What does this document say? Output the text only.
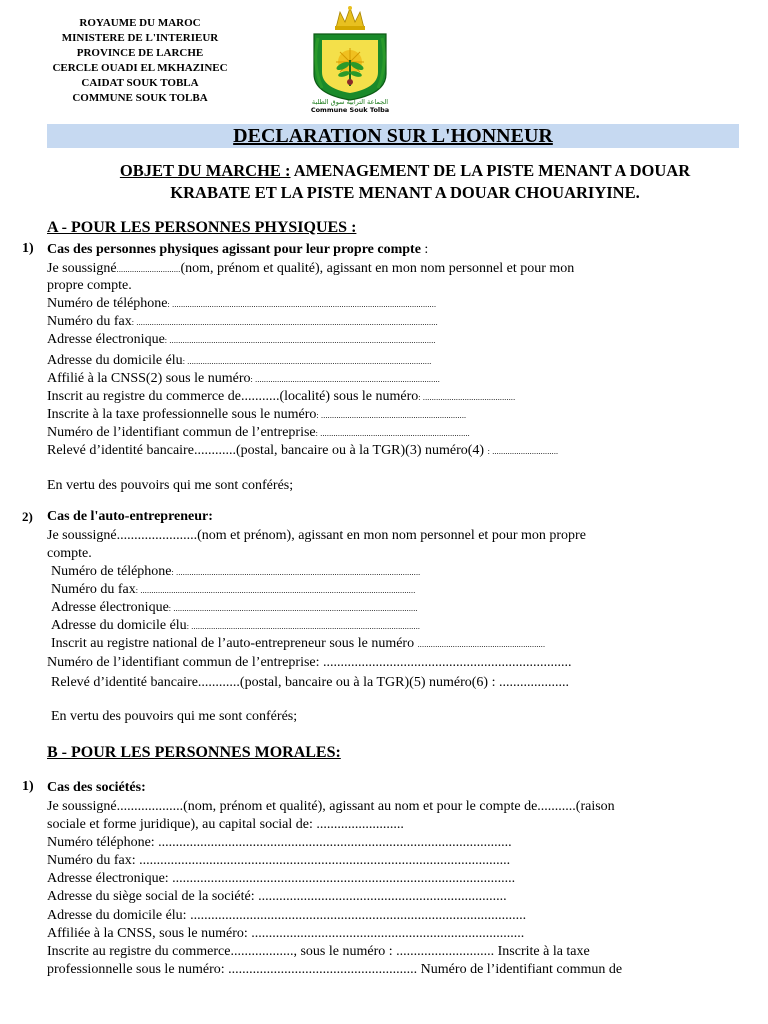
ROYAUME DU MAROC
MINISTERE DE L'INTERIEUR
PROVINCE DE LARCHE
CERCLE OUADI EL MKHAZINEC
CAIDAT SOUK TOBLA
COMMUNE SOUK TOLBA	الجماعة الترابية سوق الطلبة
Commune Souk Tolba
DECLARATION SUR L'HONNEUR
OBJET DU MARCHE : AMENAGEMENT DE LA PISTE MENANT A DOUAR
KRABATE ET LA PISTE MENANT A DOUAR CHOUARIYINE.
A - POUR LES PERSONNES PHYSIQUES :
1) Cas des personnes physiques agissant pour leur propre compte :
Je soussigné.............................(nom, prénom et qualité), agissant en mon nom personnel et pour mon
propre compte.
Numéro de téléphone: ........................................................................................................................
Numéro du fax: .........................................................................................................................................
Adresse électronique: .........................................................................................................................
Adresse du domicile élu: ...............................................................................................................
Affilié à la CNSS(2) sous le numéro: ....................................................................................
Inscrit au registre du commerce de...........(localité) sous le numéro: ..........................................
Inscrite à la taxe professionnelle sous le numéro: ..................................................................
Numéro de l’identifiant commun de l’entreprise: ....................................................................
Relevé d’identité bancaire............(postal, bancaire ou à la TGR)(3) numéro(4) : ..............................
En vertu des pouvoirs qui me sont conférés;
2) Cas de l'auto-entrepreneur:
Je soussigné.......................(nom et prénom), agissant en mon nom personnel et pour mon propre
compte.
Numéro de téléphone: ...............................................................................................................
Numéro du fax: .............................................................................................................................
Adresse électronique: ...............................................................................................................
Adresse du domicile élu: ........................................................................................................
Inscrit au registre national de l’auto-entrepreneur sous le numéro ..........................................................
Numéro de l’identifiant commun de l’entreprise: .......................................................................
Relevé d’identité bancaire............(postal, bancaire ou à la TGR)(5) numéro(6) : ....................
En vertu des pouvoirs qui me sont conférés;
B - POUR LES PERSONNES MORALES:
1) Cas des sociétés:
Je soussigné...................(nom, prénom et qualité), agissant au nom et pour le compte de...........(raison
sociale et forme juridique), au capital social de: .........................
Numéro téléphone: .....................................................................................................
Numéro du fax: ..........................................................................................................
Adresse électronique: ..................................................................................................
Adresse du siège social de la société: .......................................................................
Adresse du domicile élu: ................................................................................................
Affiliée à la CNSS, sous le numéro: ..............................................................................
Inscrite au registre du commerce.................., sous le numéro : ............................ Inscrite à la taxe
professionnelle sous le numéro: ...................................................... Numéro de l’identifiant commun de
